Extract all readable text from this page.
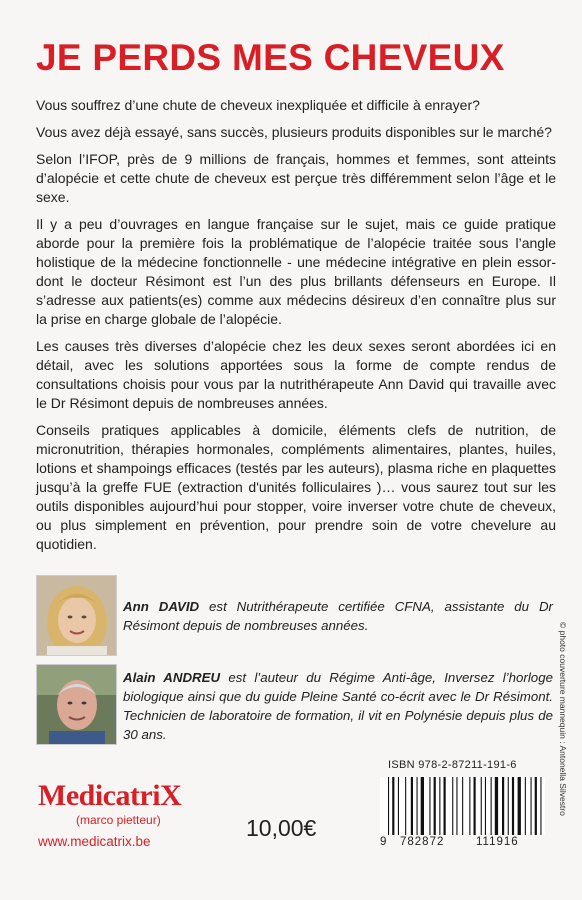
JE PERDS MES CHEVEUX

Vous souffrez d’une chute de cheveux inexpliquée et difficile à enrayer?

Vous avez déjà essayé, sans succès, plusieurs produits disponibles sur le marché?

Selon l’IFOP, près de 9 millions de français, hommes et femmes, sont atteints d’alopécie et cette chute de cheveux est perçue très différemment selon l’âge et le sexe.

Il y a peu d’ouvrages en langue française sur le sujet, mais ce guide pratique aborde pour la première fois la problématique de l’alopécie traitée sous l’angle holistique de la médecine fonctionnelle - une médecine intégrative en plein essor- dont le docteur Résimont est l’un des plus brillants défenseurs en Europe. Il s’adresse aux patients(es) comme aux médecins désireux d’en connaître plus sur la prise en charge globale de l’alopécie.

Les causes très diverses d’alopécie chez les deux sexes seront abordées ici en détail, avec les solutions apportées sous la forme de compte rendus de consultations choisis pour vous par la nutrithérapeute Ann David qui travaille avec le Dr Résimont depuis de nombreuses années.

Conseils pratiques applicables à domicile, éléments clefs de nutrition, de micronutrition, thérapies hormonales, compléments alimentaires, plantes, huiles, lotions et shampoings efficaces (testés par les auteurs), plasma riche en plaquettes jusqu’à la greffe FUE (extraction d'unités folliculaires )… vous saurez tout sur les outils disponibles aujourd’hui pour stopper, voire inverser votre chute de cheveux, ou plus simplement en prévention, pour prendre soin de votre chevelure au quotidien.

Ann DAVID est Nutrithérapeute certifiée CFNA, assistante du Dr Résimont depuis de nombreuses années.
Alain ANDREU est l’auteur du Régime Anti-âge, Inversez l’horloge biologique ainsi que du guide Pleine Santé co-écrit avec le Dr Résimont. Technicien de laboratoire de formation, il vit en Polynésie depuis plus de 30 ans.
MedicatriX
(marco pietteur)
www.medicatrix.be
10,00€
ISBN 978-2-87211-191-6
9 782872	111916
© photo couverture mannequin : Antonella Silvestro
